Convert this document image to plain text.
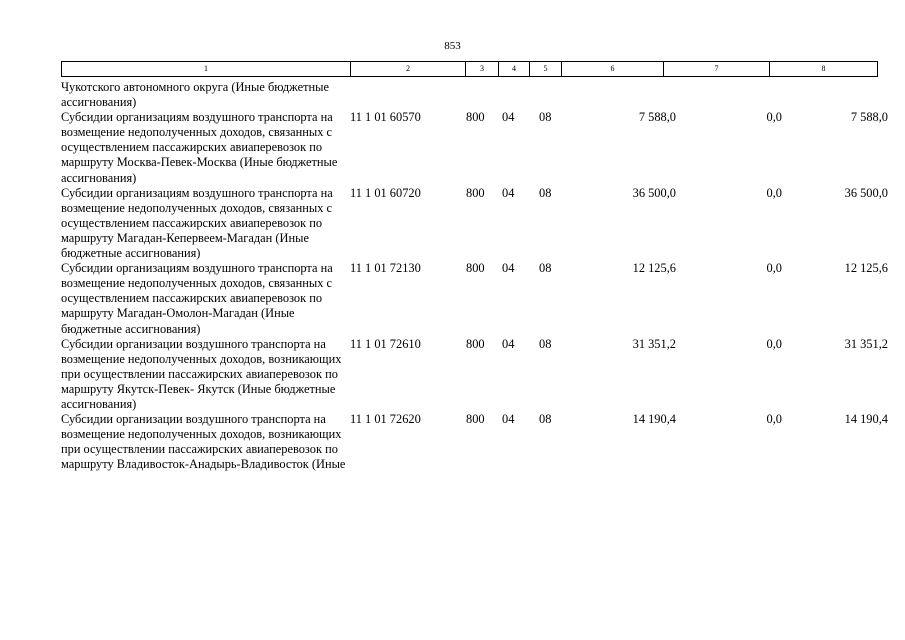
853
1	2	3	4	5	6	7	8
Чукотского автономного округа (Иные бюджетные ассигнования)							
Субсидии организациям воздушного транспорта на возмещение недополученных доходов, связанных с осуществлением пассажирских авиаперевозок по маршруту Москва-Певек-Москва (Иные бюджетные ассигнования)	11 1 01 60570	800	04	08	7 588,0	0,0	7 588,0
Субсидии организациям воздушного транспорта на возмещение недополученных доходов, связанных с осуществлением пассажирских авиаперевозок по маршруту Магадан-Кепервеем-Магадан (Иные бюджетные ассигнования)	11 1 01 60720	800	04	08	36 500,0	0,0	36 500,0
Субсидии организациям воздушного транспорта на возмещение недополученных доходов, связанных с осуществлением пассажирских авиаперевозок по маршруту Магадан-Омолон-Магадан (Иные бюджетные ассигнования)	11 1 01 72130	800	04	08	12 125,6	0,0	12 125,6
Субсидии организации воздушного транспорта на возмещение недополученных доходов, возникающих при осуществлении пассажирских авиаперевозок по маршруту Якутск-Певек- Якутск (Иные бюджетные ассигнования)	11 1 01 72610	800	04	08	31 351,2	0,0	31 351,2
Субсидии организации воздушного транспорта на возмещение недополученных доходов, возникающих при осуществлении пассажирских авиаперевозок по маршруту Владивосток-Анадырь-Владивосток (Иные	11 1 01 72620	800	04	08	14 190,4	0,0	14 190,4
